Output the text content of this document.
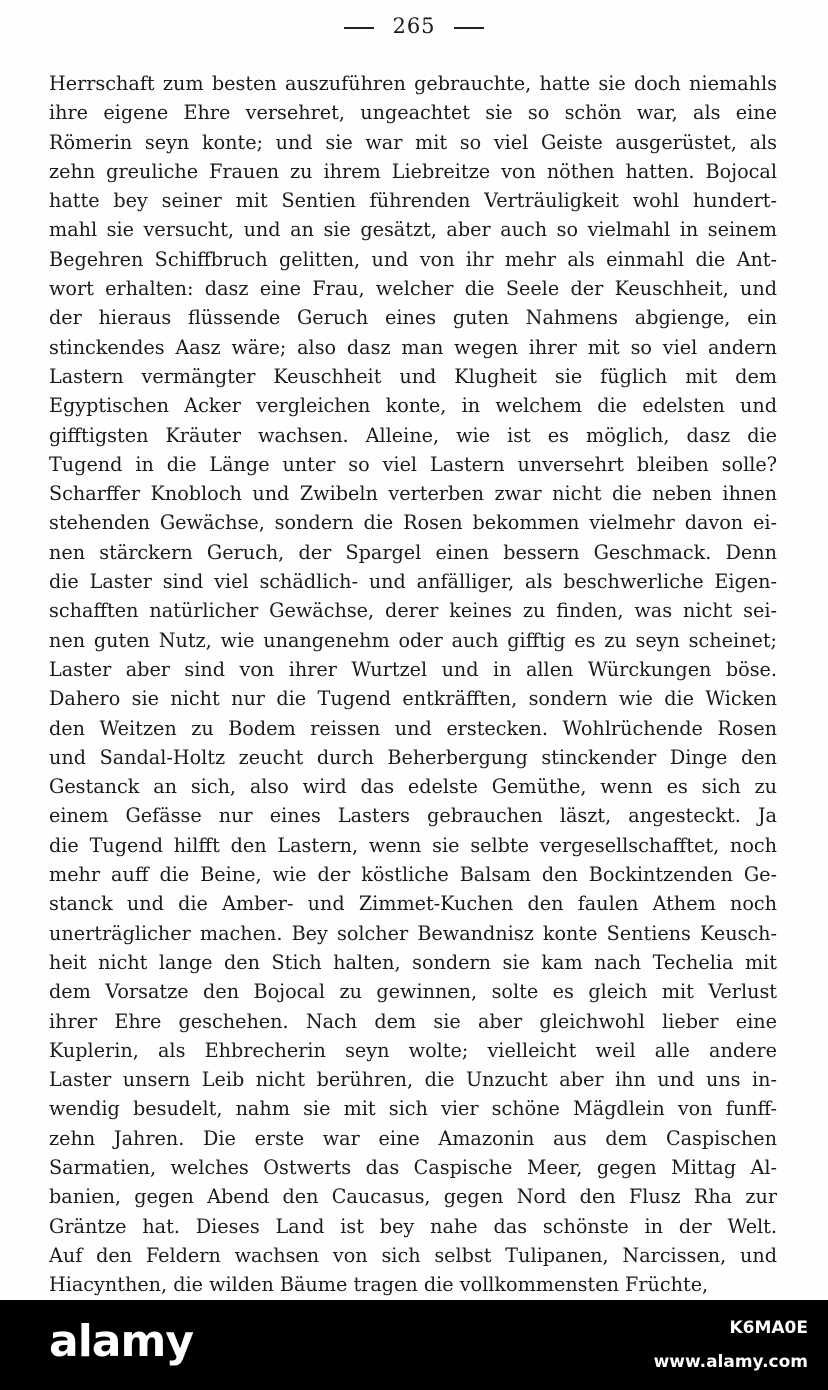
265
Herrschaft zum besten auszuführen gebrauchte, hatte sie doch niemahls
ihre eigene Ehre versehret, ungeachtet sie so schön war, als eine
Römerin seyn konte; und sie war mit so viel Geiste ausgerüstet, als
zehn greuliche Frauen zu ihrem Liebreitze von nöthen hatten. Bojocal
hatte bey seiner mit Sentien führenden Verträuligkeit wohl hundert-
mahl sie versucht, und an sie gesätzt, aber auch so vielmahl in seinem
Begehren Schiffbruch gelitten, und von ihr mehr als einmahl die Ant-
wort erhalten: dasz eine Frau, welcher die Seele der Keuschheit, und
der hieraus flüssende Geruch eines guten Nahmens abgienge, ein
stinckendes Aasz wäre; also dasz man wegen ihrer mit so viel andern
Lastern vermängter Keuschheit und Klugheit sie füglich mit dem
Egyptischen Acker vergleichen konte, in welchem die edelsten und
gifftigsten Kräuter wachsen. Alleine, wie ist es möglich, dasz die
Tugend in die Länge unter so viel Lastern unversehrt bleiben solle?
Scharffer Knobloch und Zwibeln verterben zwar nicht die neben ihnen
stehenden Gewächse, sondern die Rosen bekommen vielmehr davon ei-
nen stärckern Geruch, der Spargel einen bessern Geschmack. Denn
die Laster sind viel schädlich- und anfälliger, als beschwerliche Eigen-
schafften natürlicher Gewächse, derer keines zu finden, was nicht sei-
nen guten Nutz, wie unangenehm oder auch gifftig es zu seyn scheinet;
Laster aber sind von ihrer Wurtzel und in allen Würckungen böse.
Dahero sie nicht nur die Tugend entkräfften, sondern wie die Wicken
den Weitzen zu Bodem reissen und erstecken. Wohlrüchende Rosen
und Sandal-Holtz zeucht durch Beherbergung stinckender Dinge den
Gestanck an sich, also wird das edelste Gemüthe, wenn es sich zu
einem Gefässe nur eines Lasters gebrauchen läszt, angesteckt. Ja
die Tugend hilfft den Lastern, wenn sie selbte vergesellschafftet, noch
mehr auff die Beine, wie der köstliche Balsam den Bockintzenden Ge-
stanck und die Amber- und Zimmet-Kuchen den faulen Athem noch
unerträglicher machen. Bey solcher Bewandnisz konte Sentiens Keusch-
heit nicht lange den Stich halten, sondern sie kam nach Techelia mit
dem Vorsatze den Bojocal zu gewinnen, solte es gleich mit Verlust
ihrer Ehre geschehen. Nach dem sie aber gleichwohl lieber eine
Kuplerin, als Ehbrecherin seyn wolte; vielleicht weil alle andere
Laster unsern Leib nicht berühren, die Unzucht aber ihn und uns in-
wendig besudelt, nahm sie mit sich vier schöne Mägdlein von funff-
zehn Jahren. Die erste war eine Amazonin aus dem Caspischen
Sarmatien, welches Ostwerts das Caspische Meer, gegen Mittag Al-
banien, gegen Abend den Caucasus, gegen Nord den Flusz Rha zur
Gräntze hat. Dieses Land ist bey nahe das schönste in der Welt.
Auf den Feldern wachsen von sich selbst Tulipanen, Narcissen, und
Hiacynthen, die wilden Bäume tragen die vollkommensten Früchte,
alamy	K6MA0E
www.alamy.com
